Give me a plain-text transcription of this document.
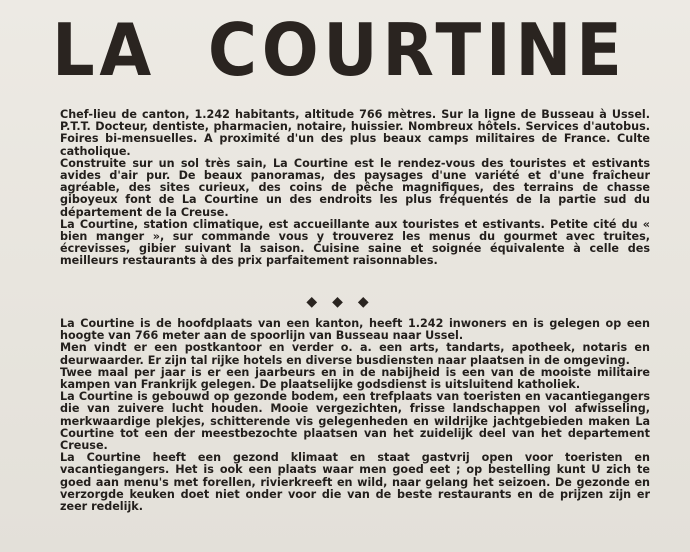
LA COURTINE

Chef-lieu de canton, 1.242 habitants, altitude 766 mètres. Sur la ligne de Busseau à Ussel. P.T.T. Docteur, dentiste, pharmacien, notaire, huissier. Nombreux hôtels. Services d'autobus. Foires bi-mensuelles. A proximité d'un des plus beaux camps militaires de France. Culte catholique.

Construite sur un sol très sain, La Courtine est le rendez-vous des touristes et estivants avides d'air pur. De beaux panoramas, des paysages d'une variété et d'une fraîcheur agréable, des sites curieux, des coins de pêche magnifiques, des terrains de chasse giboyeux font de La Courtine un des endroits les plus fréquentés de la partie sud du département de la Creuse.

La Courtine, station climatique, est accueillante aux touristes et estivants. Petite cité du « bien manger », sur commande vous y trouverez les menus du gourmet avec truites, écrevisses, gibier suivant la saison. Cuisine saine et soignée équivalente à celle des meilleurs restaurants à des prix parfaitement raisonnables.

◆◆◆

La Courtine is de hoofdplaats van een kanton, heeft 1.242 inwoners en is gelegen op een hoogte van 766 meter aan de spoorlijn van Busseau naar Ussel.

Men vindt er een postkantoor en verder o. a. een arts, tandarts, apotheek, notaris en deurwaarder. Er zijn tal rijke hotels en diverse busdiensten naar plaatsen in de omgeving.

Twee maal per jaar is er een jaarbeurs en in de nabijheid is een van de mooiste militaire kampen van Frankrijk gelegen. De plaatselijke godsdienst is uitsluitend katholiek.

La Courtine is gebouwd op gezonde bodem, een trefplaats van toeristen en vacantiegangers die van zuivere lucht houden. Mooie vergezichten, frisse landschappen vol afwisseling, merkwaardige plekjes, schitterende vis gelegenheden en wildrijke jachtgebieden maken La Courtine tot een der meestbezochte plaatsen van het zuidelijk deel van het departement Creuse.

La Courtine heeft een gezond klimaat en staat gastvrij open voor toeristen en vacantiegangers. Het is ook een plaats waar men goed eet ; op bestelling kunt U zich te goed aan menu's met forellen, rivierkreeft en wild, naar gelang het seizoen. De gezonde en verzorgde keuken doet niet onder voor die van de beste restaurants en de prijzen zijn er zeer redelijk.
